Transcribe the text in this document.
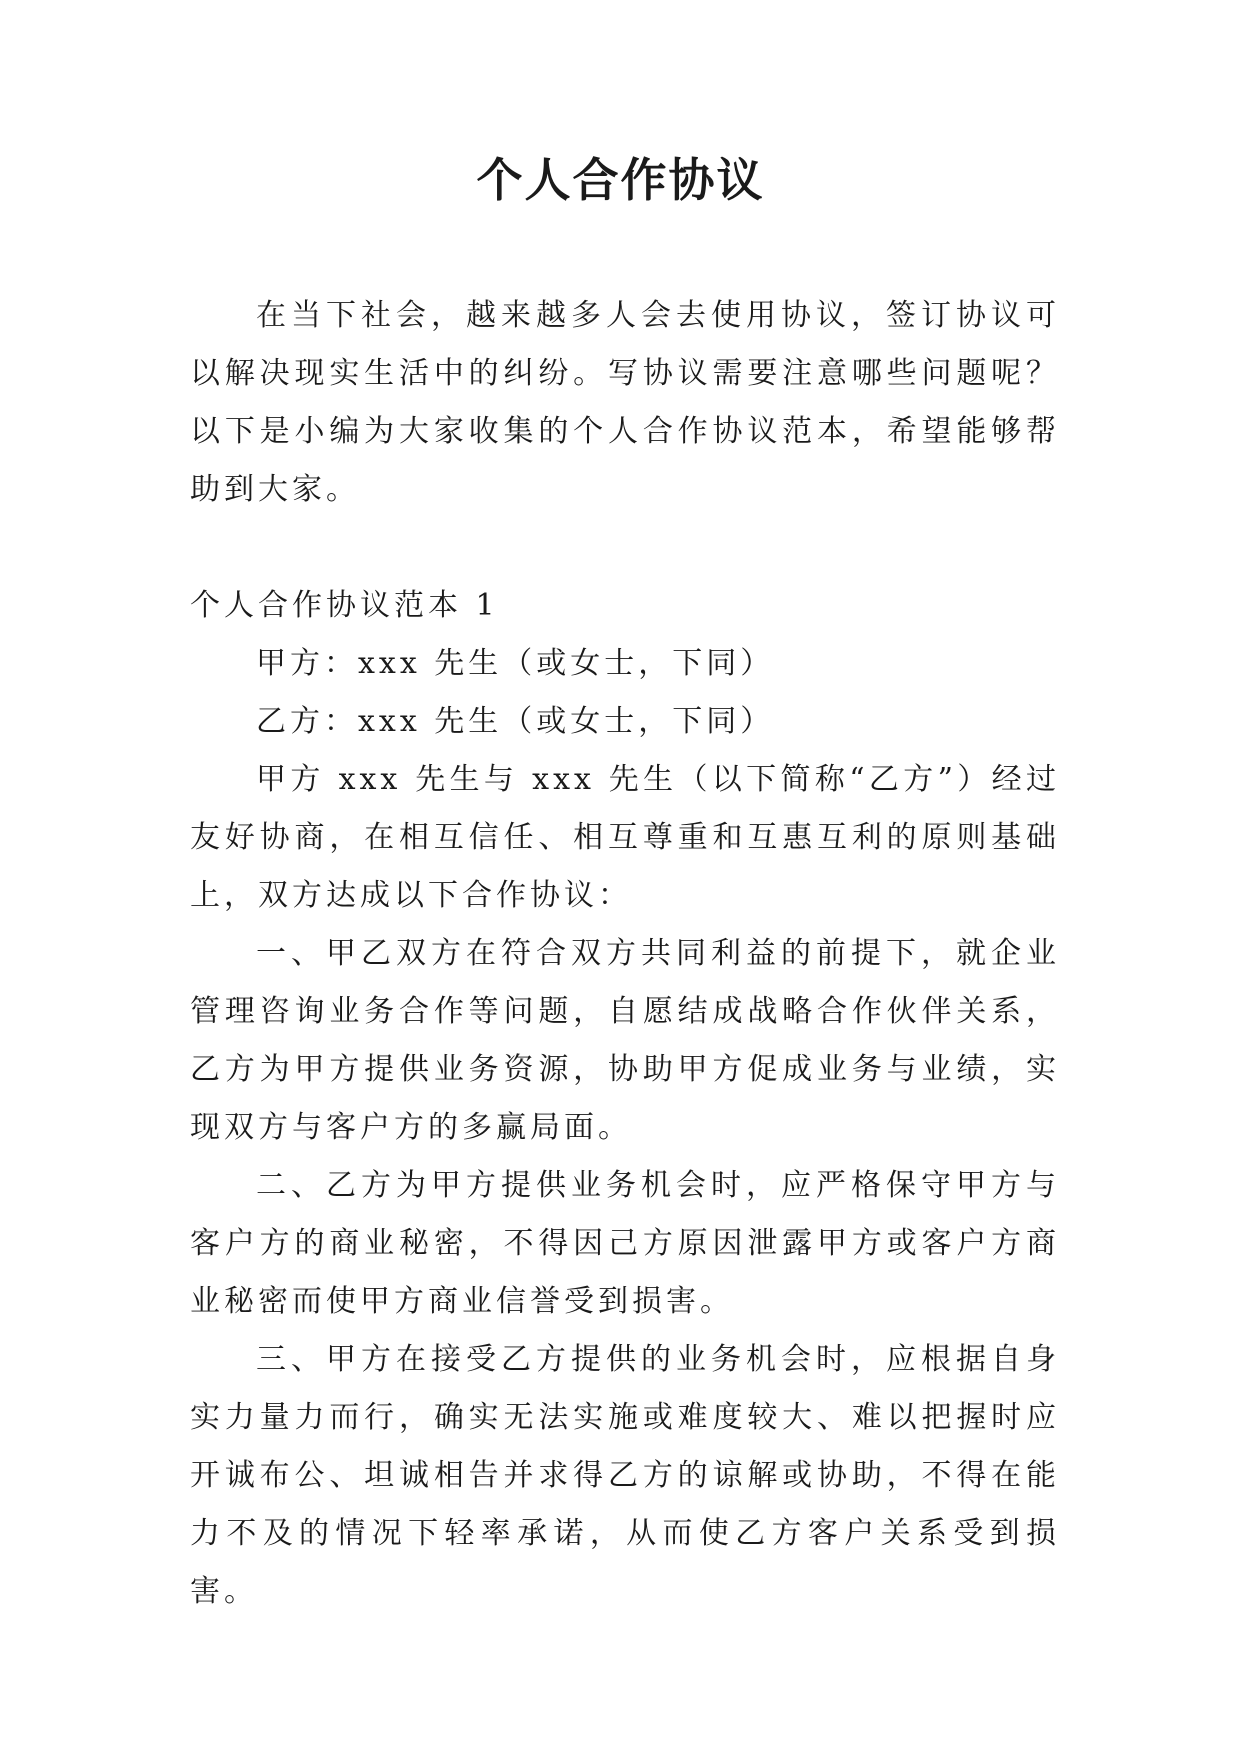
个人合作协议

在当下社会，越来越多人会去使用协议，签订协议可以解决现实生活中的纠纷。写协议需要注意哪些问题呢？以下是小编为大家收集的个人合作协议范本，希望能够帮助到大家。

个人合作协议范本 1

甲方：xxx 先生（或女士，下同）

乙方：xxx 先生（或女士，下同）

甲方 xxx 先生与 xxx 先生（以下简称“乙方”）经过友好协商，在相互信任、相互尊重和互惠互利的原则基础上，双方达成以下合作协议：

一、甲乙双方在符合双方共同利益的前提下，就企业管理咨询业务合作等问题，自愿结成战略合作伙伴关系，乙方为甲方提供业务资源，协助甲方促成业务与业绩，实现双方与客户方的多赢局面。

二、乙方为甲方提供业务机会时，应严格保守甲方与客户方的商业秘密，不得因己方原因泄露甲方或客户方商业秘密而使甲方商业信誉受到损害。

三、甲方在接受乙方提供的业务机会时，应根据自身实力量力而行，确实无法实施或难度较大、难以把握时应开诚布公、坦诚相告并求得乙方的谅解或协助，不得在能力不及的情况下轻率承诺，从而使乙方客户关系受到损害。
